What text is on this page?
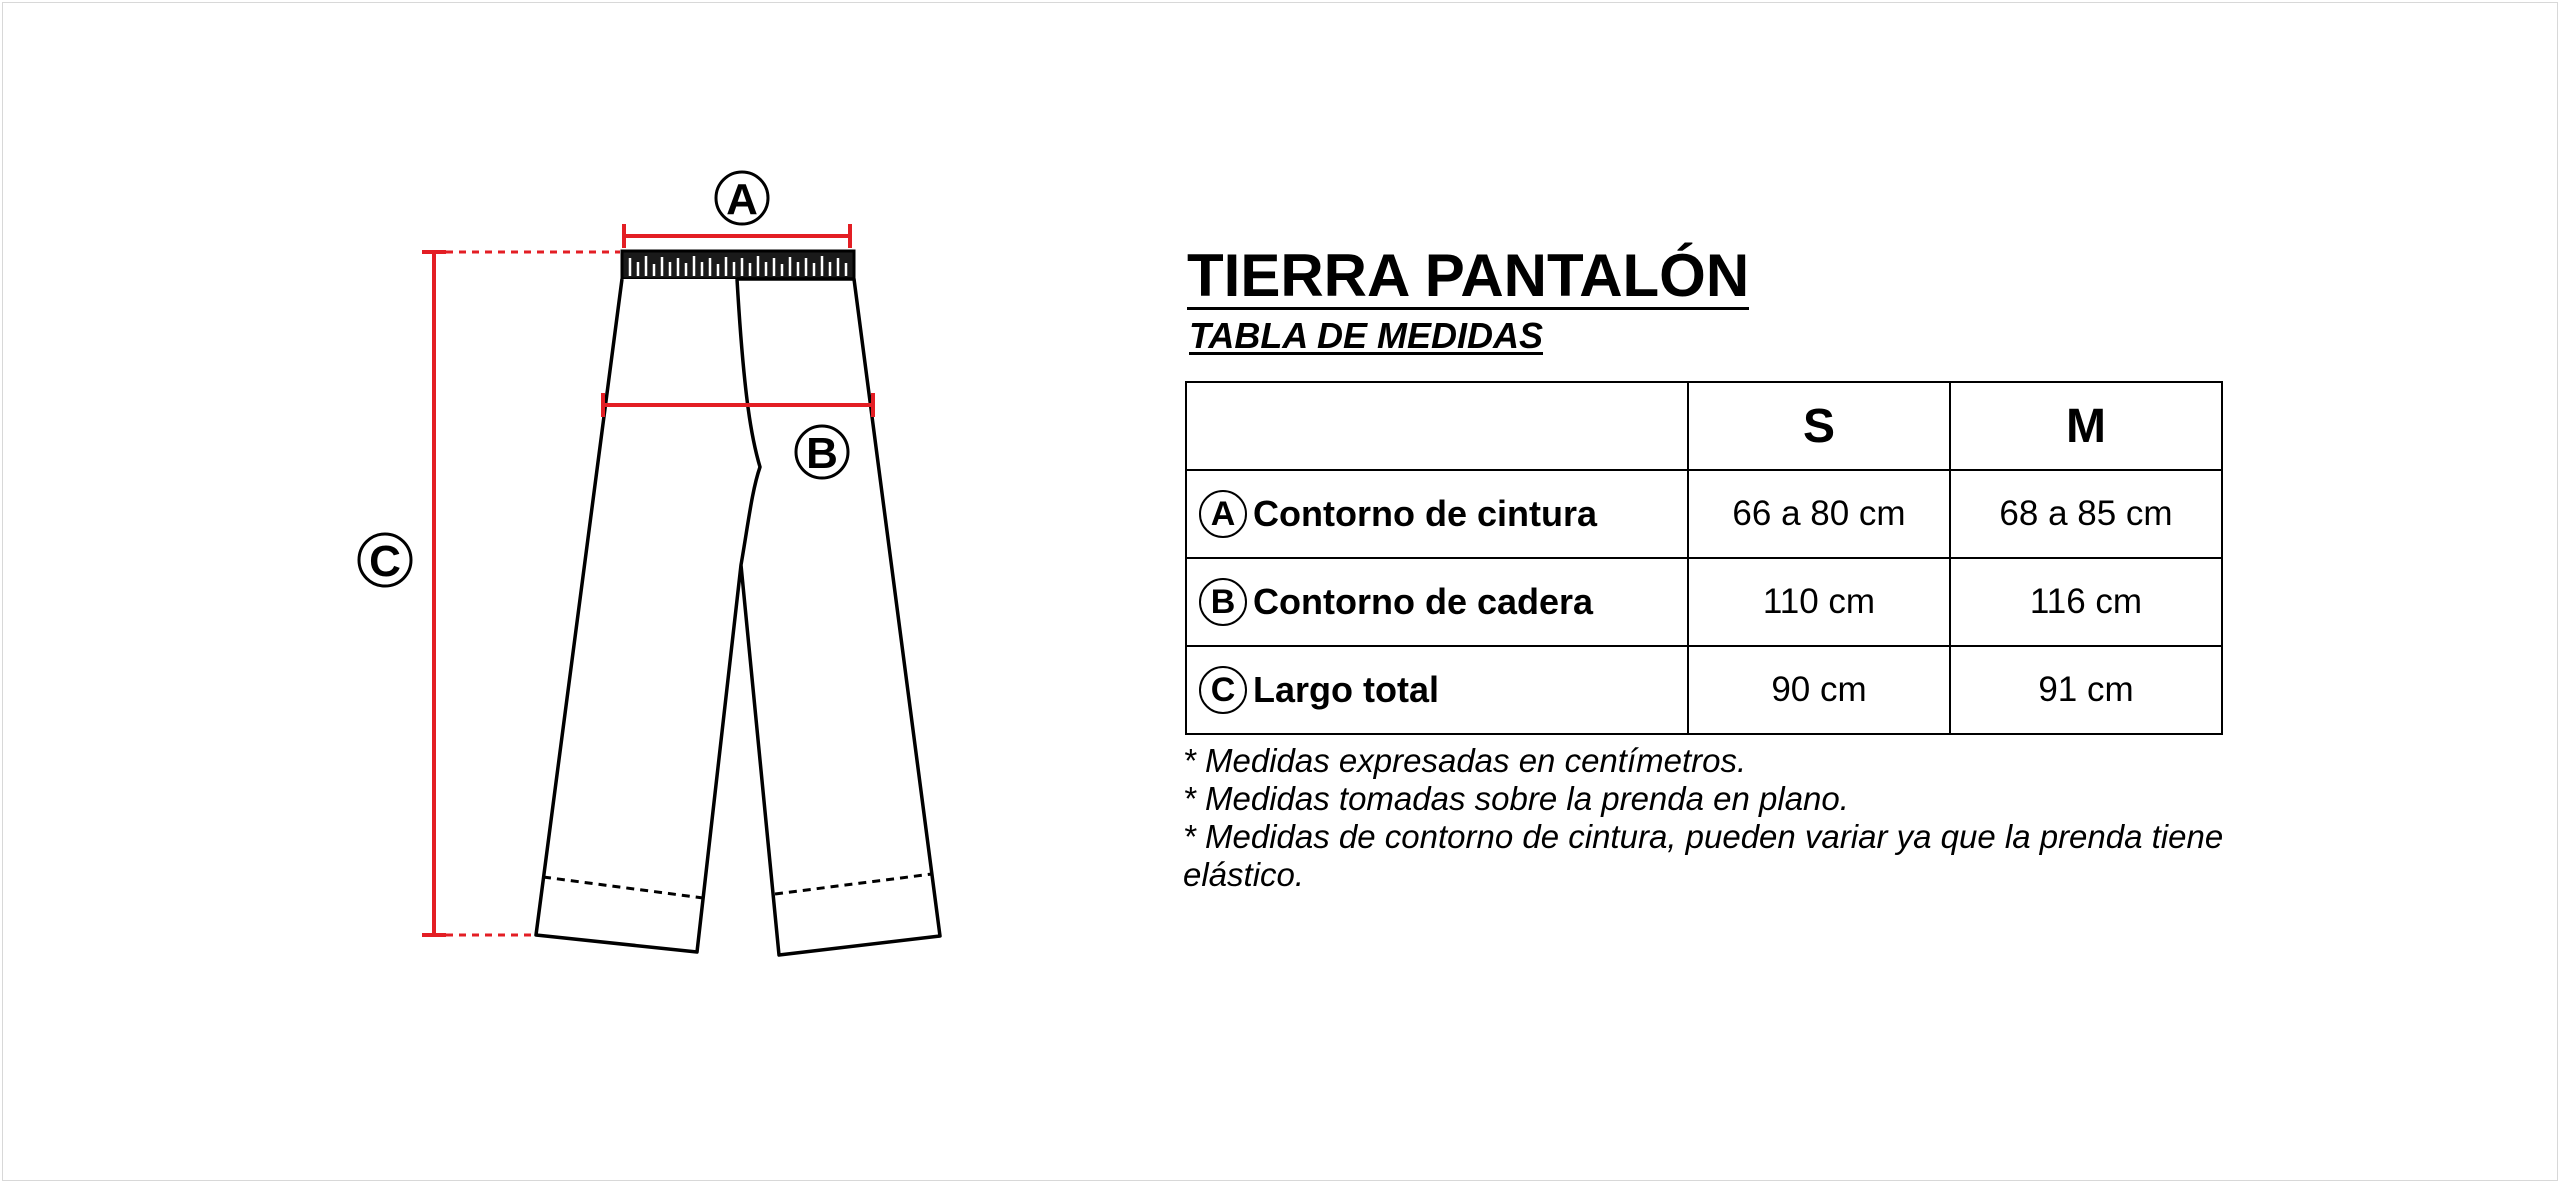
A
B
C
TIERRA PANTALÓN
TABLA DE MEDIDAS
	S	M
A Contorno de cintura	66 a 80 cm	68 a 85 cm
B Contorno de cadera	110 cm	116 cm
C Largo total	90 cm	91 cm
* Medidas expresadas en centímetros.
* Medidas tomadas sobre la prenda en plano.
* Medidas de contorno de cintura, pueden variar ya que la prenda tiene elástico.
